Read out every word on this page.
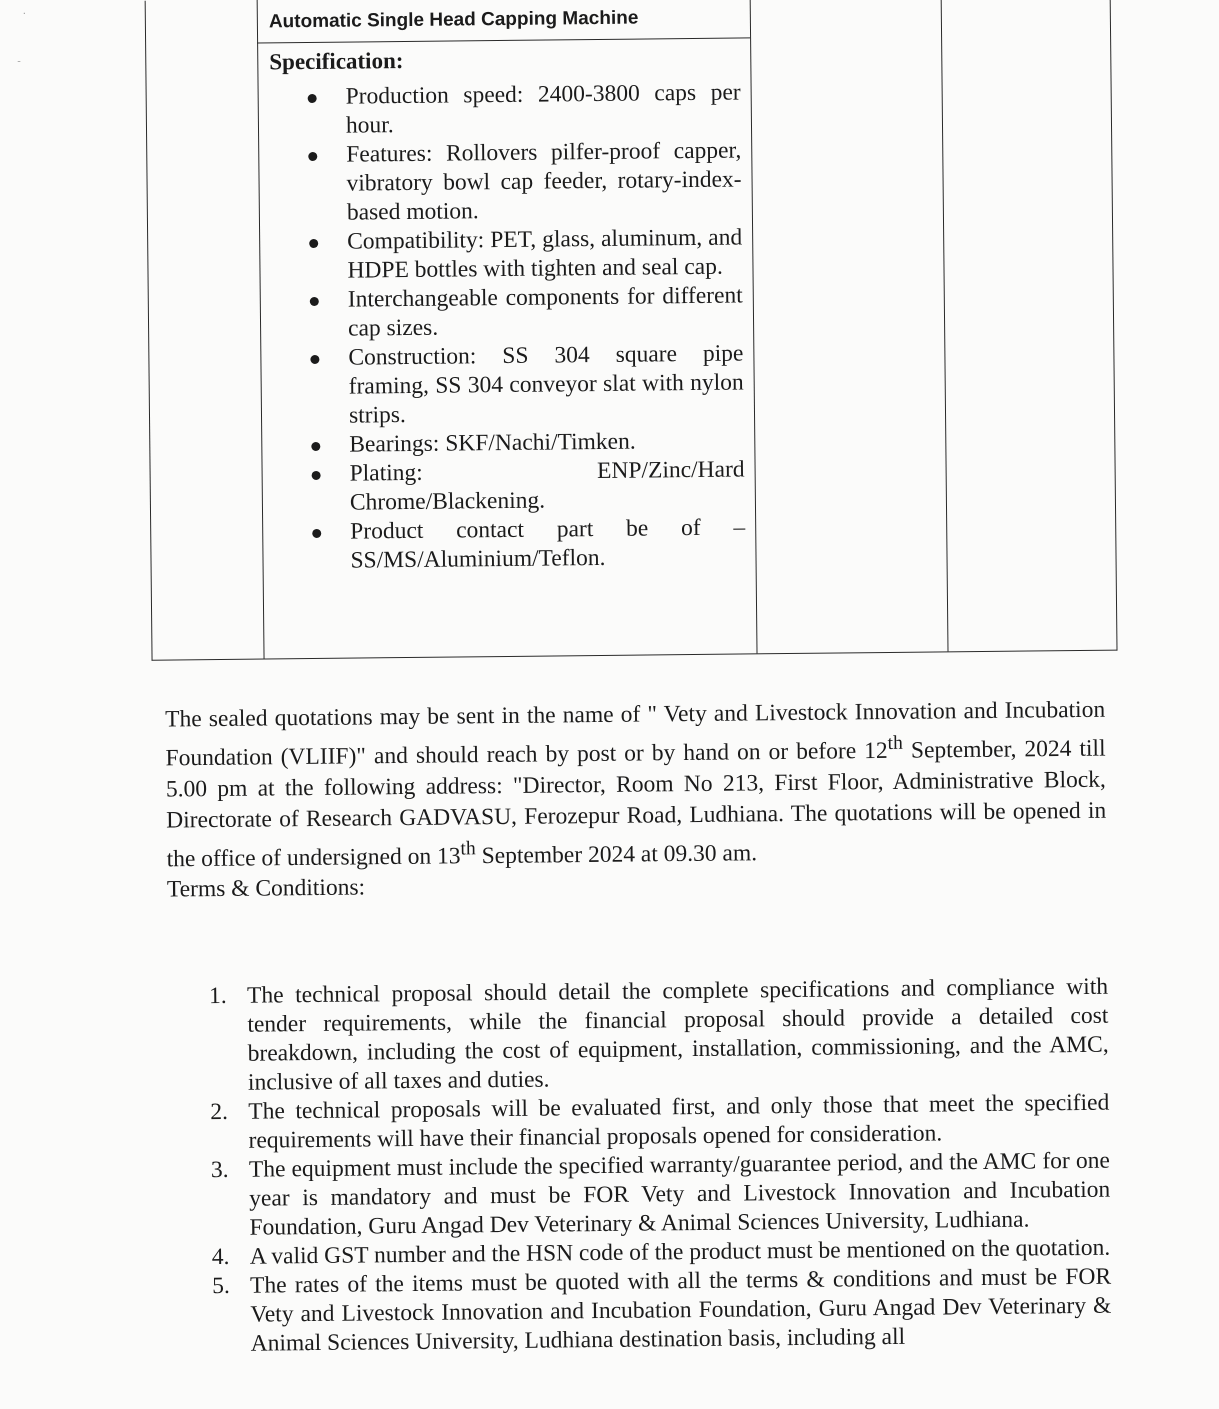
.
-
Automatic Single Head Capping Machine
Specification:
Production speed: 2400-3800 caps per hour.
Features: Rollovers pilfer-proof capper, vibratory bowl cap feeder, rotary-index-based motion.
Compatibility: PET, glass, aluminum, and HDPE bottles with tighten and seal cap.
Interchangeable components for different cap sizes.
Construction: SS 304 square pipe framing, SS 304 conveyor slat with nylon strips.
Bearings: SKF/Nachi/Timken.
Plating: ENP/Zinc/Hard Chrome/Blackening.
Product contact part be of – SS/MS/Aluminium/Teflon.

The sealed quotations may be sent in the name of " Vety and Livestock Innovation and Incubation Foundation (VLIIF)" and should reach by post or by hand on or before 12th September, 2024 till 5.00 pm at the following address: "Director, Room No 213, First Floor, Administrative Block, Directorate of Research GADVASU, Ferozepur Road, Ludhiana. The quotations will be opened in the office of undersigned on 13th September 2024 at 09.30 am.

Terms & Conditions:
1. The technical proposal should detail the complete specifications and compliance with tender requirements, while the financial proposal should provide a detailed cost breakdown, including the cost of equipment, installation, commissioning, and the AMC, inclusive of all taxes and duties.
2. The technical proposals will be evaluated first, and only those that meet the specified requirements will have their financial proposals opened for consideration.
3. The equipment must include the specified warranty/guarantee period, and the AMC for one year is mandatory and must be FOR Vety and Livestock Innovation and Incubation Foundation, Guru Angad Dev Veterinary & Animal Sciences University, Ludhiana.
4. A valid GST number and the HSN code of the product must be mentioned on the quotation.
5. The rates of the items must be quoted with all the terms & conditions and must be FOR Vety and Livestock Innovation and Incubation Foundation, Guru Angad Dev Veterinary & Animal Sciences University, Ludhiana destination basis, including all
